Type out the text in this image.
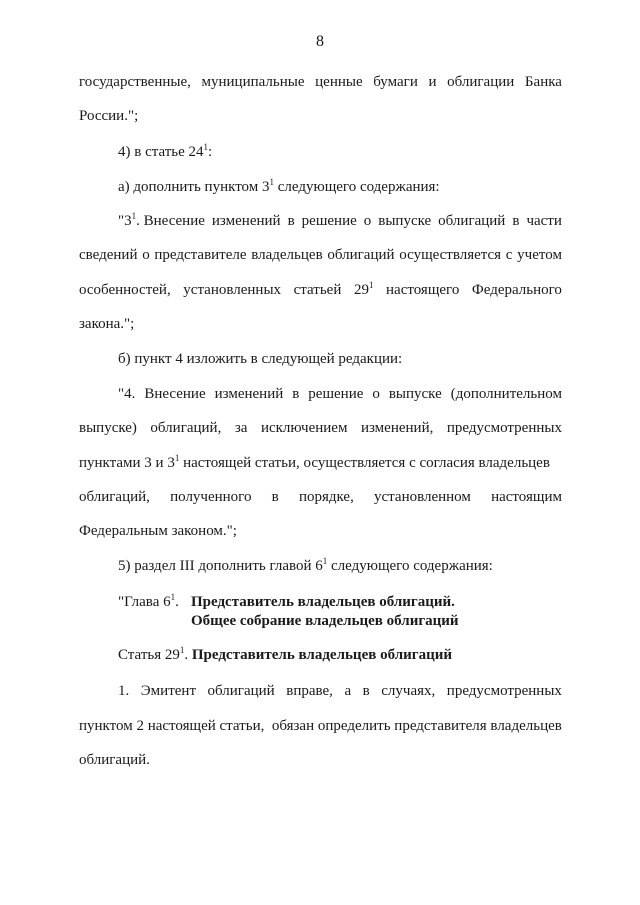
8
государственные, муниципальные ценные бумаги и облигации Банка
России.";
4) в статье $24^1$:
а) дополнить пунктом $3^1$ следующего содержания:
"$3^1$. Внесение изменений в решение о выпуске облигаций в части
сведений о представителе владельцев облигаций осуществляется с учетом
особенностей, установленных статьей $29^1$ настоящего Федерального
закона.";
б) пункт 4 изложить в следующей редакции:
"4. Внесение изменений в решение о выпуске (дополнительном
выпуске) облигаций, за исключением изменений, предусмотренных
пунктами 3 и $3^1$ настоящей статьи, осуществляется с согласия владельцев
облигаций, полученного в порядке, установленном настоящим
Федеральным законом.";
5) раздел III дополнить главой $6^1$ следующего содержания:
"Глава $6^1$. Представитель владельцев облигаций.
Общее собрание владельцев облигаций
Статья $29^1$. Представитель владельцев облигаций
1. Эмитент облигаций вправе, а в случаях, предусмотренных
пунктом 2 настоящей статьи,  обязан определить представителя владельцев
облигаций.
